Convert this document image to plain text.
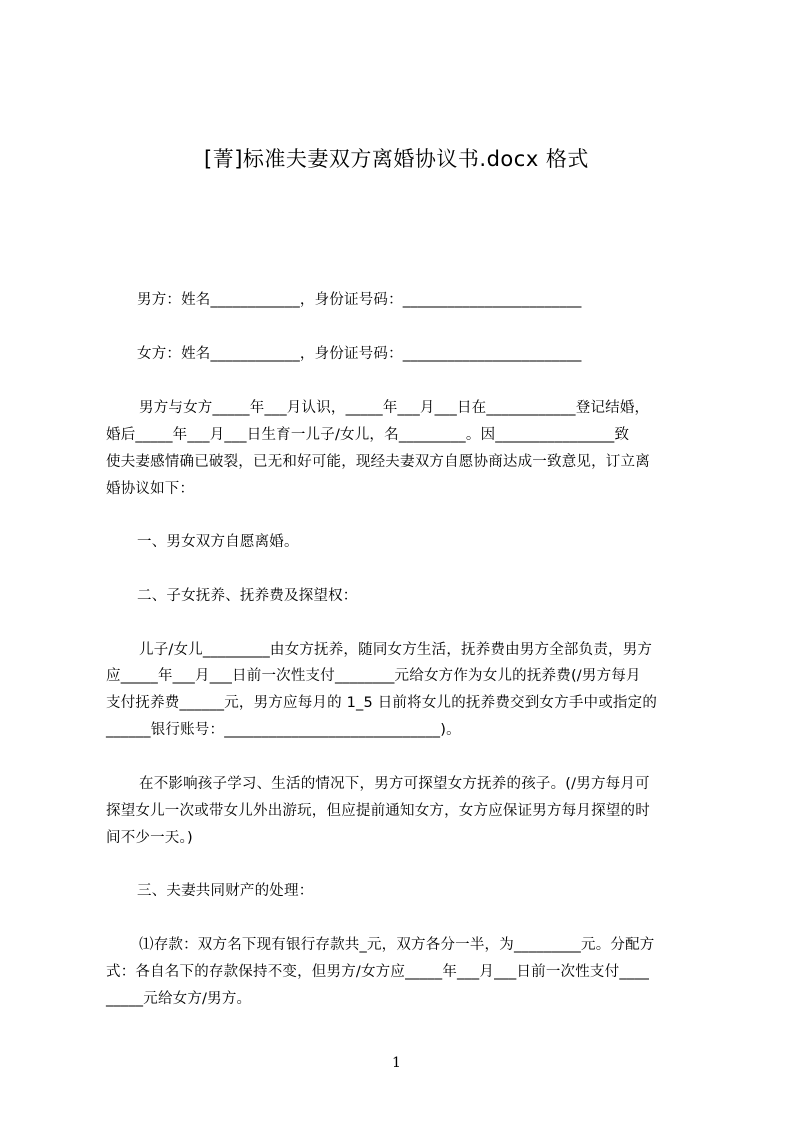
[菁]标准夫妻双方离婚协议书.docx 格式
男方：姓名____________，身份证号码：________________________
女方：姓名____________，身份证号码：________________________
男方与女方_____年___月认识，_____年___月___日在____________登记结婚，
婚后_____年___月___日生育一儿子/女儿，名_________。因________________致
使夫妻感情确已破裂，已无和好可能，现经夫妻双方自愿协商达成一致意见，订立离
婚协议如下：
一、男女双方自愿离婚。
二、子女抚养、抚养费及探望权：
儿子/女儿_________由女方抚养，随同女方生活，抚养费由男方全部负责，男方
应_____年___月___日前一次性支付________元给女方作为女儿的抚养费(/男方每月
支付抚养费______元，男方应每月的 1_5 日前将女儿的抚养费交到女方手中或指定的
______银行账号：_____________________________)。
在不影响孩子学习、生活的情况下，男方可探望女方抚养的孩子。(/男方每月可
探望女儿一次或带女儿外出游玩，但应提前通知女方，女方应保证男方每月探望的时
间不少一天。)
三、夫妻共同财产的处理：
⑴存款：双方名下现有银行存款共_元，双方各分一半，为_________元。分配方
式：各自名下的存款保持不变，但男方/女方应_____年___月___日前一次性支付____
_____元给女方/男方。
1
